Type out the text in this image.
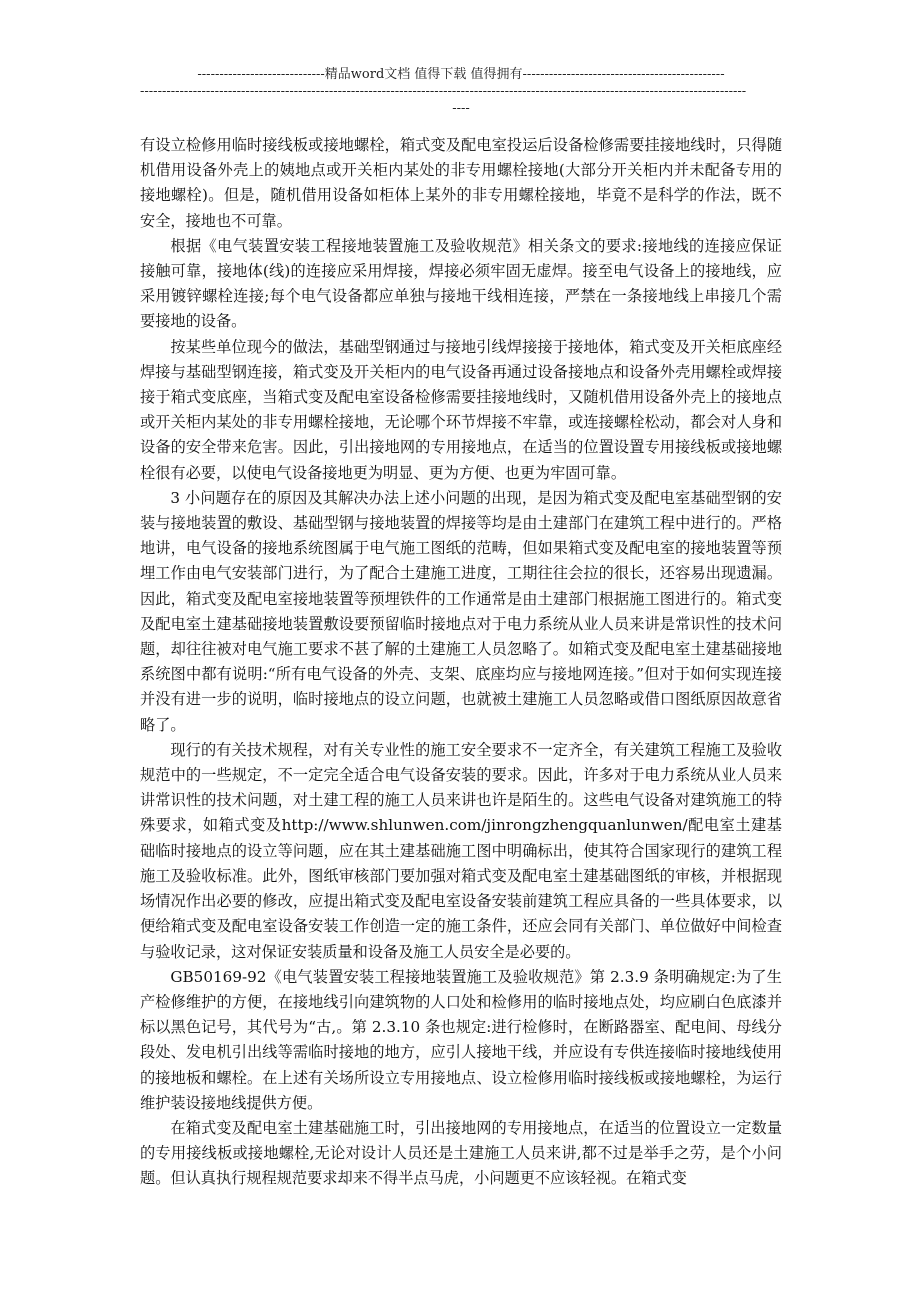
-----------------------------精品word文档 值得下载 值得拥有----------------------------------------------
------------------------------------------------------------------------------------------------------------------------------------------
----

有设立检修用临时接线板或接地螺栓，箱式变及配电室投运后设备检修需要挂接地线时，只得随机借用设备外壳上的姨地点或开关柜内某处的非专用螺栓接地(大部分开关柜内并未配备专用的接地螺栓)。但是，随机借用设备如柜体上某外的非专用螺栓接地，毕竟不是科学的作法，既不安全，接地也不可靠。

根据《电气装置安装工程接地装置施工及验收规范》相关条文的要求:接地线的连接应保证接触可靠，接地体(线)的连接应采用焊接，焊接必须牢固无虚焊。接至电气设备上的接地线，应采用镀锌螺栓连接;每个电气设备都应单独与接地干线相连接，严禁在一条接地线上串接几个需要接地的设备。

按某些单位现今的做法，基础型钢通过与接地引线焊接接于接地体，箱式变及开关柜底座经焊接与基础型钢连接，箱式变及开关柜内的电气设备再通过设备接地点和设备外壳用螺栓或焊接接于箱式变底座，当箱式变及配电室设备检修需要挂接地线时，又随机借用设备外壳上的接地点或开关柜内某处的非专用螺栓接地，无论哪个环节焊接不牢靠，或连接螺栓松动，都会对人身和设备的安全带来危害。因此，引出接地网的专用接地点，在适当的位置设置专用接线板或接地螺栓很有必要，以使电气设备接地更为明显、更为方便、也更为牢固可靠。

3 小问题存在的原因及其解决办法上述小问题的出现，是因为箱式变及配电室基础型钢的安装与接地装置的敷设、基础型钢与接地装置的焊接等均是由土建部门在建筑工程中进行的。严格地讲，电气设备的接地系统图属于电气施工图纸的范畴，但如果箱式变及配电室的接地装置等预埋工作由电气安装部门进行，为了配合土建施工进度，工期往往会拉的很长，还容易出现遗漏。因此，箱式变及配电室接地装置等预埋铁件的工作通常是由土建部门根据施工图进行的。箱式变及配电室土建基础接地装置敷设要预留临时接地点对于电力系统从业人员来讲是常识性的技术问题，却往往被对电气施工要求不甚了解的土建施工人员忽略了。如箱式变及配电室土建基础接地系统图中都有说明:“所有电气设备的外壳、支架、底座均应与接地网连接。”但对于如何实现连接并没有进一步的说明，临时接地点的设立问题，也就被土建施工人员忽略或借口图纸原因故意省略了。

现行的有关技术规程，对有关专业性的施工安全要求不一定齐全，有关建筑工程施工及验收规范中的一些规定，不一定完全适合电气设备安装的要求。因此，许多对于电力系统从业人员来讲常识性的技术问题，对土建工程的施工人员来讲也许是陌生的。这些电气设备对建筑施工的特殊要求，如箱式变及http://www.shlunwen.com/jinrongzhengquanlunwen/配电室土建基础临时接地点的设立等问题，应在其土建基础施工图中明确标出，使其符合国家现行的建筑工程施工及验收标准。此外，图纸审核部门要加强对箱式变及配电室土建基础图纸的审核，并根据现场情况作出必要的修改，应提出箱式变及配电室设备安装前建筑工程应具备的一些具体要求，以便给箱式变及配电室设备安装工作创造一定的施工条件，还应会同有关部门、单位做好中间检查与验收记录，这对保证安装质量和设备及施工人员安全是必要的。

GB50169-92《电气装置安装工程接地装置施工及验收规范》第 2.3.9 条明确规定:为了生产检修维护的方便，在接地线引向建筑物的人口处和检修用的临时接地点处，均应刷白色底漆并标以黑色记号，其代号为“古,。第 2.3.10 条也规定:进行检修时，在断路器室、配电间、母线分段处、发电机引出线等需临时接地的地方，应引人接地干线，并应设有专供连接临时接地线使用的接地板和螺栓。在上述有关场所设立专用接地点、设立检修用临时接线板或接地螺栓，为运行维护装设接地线提供方便。

在箱式变及配电室土建基础施工时，引出接地网的专用接地点，在适当的位置设立一定数量的专用接线板或接地螺栓,无论对设计人员还是土建施工人员来讲,都不过是举手之劳，是个小问题。但认真执行规程规范要求却来不得半点马虎，小问题更不应该轻视。在箱式变
